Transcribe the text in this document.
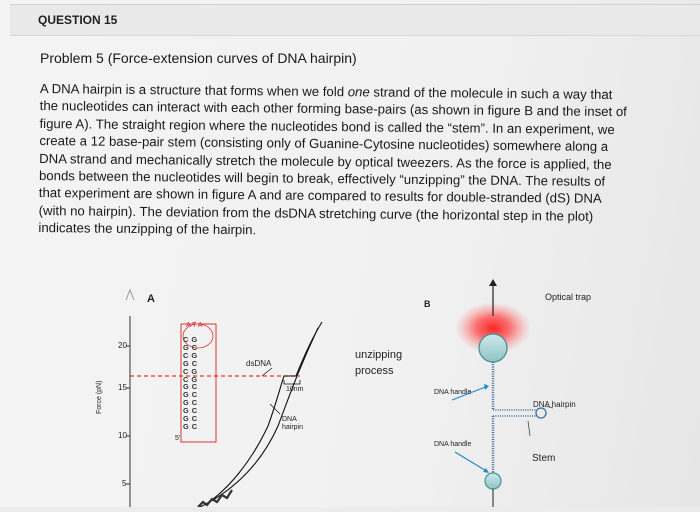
QUESTION 15
Problem 5 (Force-extension curves of DNA hairpin)

A DNA hairpin is a structure that forms when we fold one strand of the molecule in such a way that the nucleotides can interact with each other forming base-pairs (as shown in figure B and the inset of figure A). The straight region where the nucleotides bond is called the “stem”. In an experiment, we create a 12 base-pair stem (consisting only of Guanine-Cytosine nucleotides) somewhere along a DNA strand and mechanically stretch the molecule by optical tweezers. As the force is applied, the bonds between the nucleotides will begin to break, effectively “unzipping” the DNA. The results of that experiment are shown in figure A and are compared to results for double-stranded (dS) DNA (with no hairpin). The deviation from the dsDNA stretching curve (the horizontal step in the plot) indicates the unzipping of the hairpin.

A
20
15
10
5
Force (pN)
dsDNA
10nm
DNA
hairpin
unzipping
process
A T A
C G
G C
C G
G C
C G
C G
G C
G C
G C
G C
G C
G C
5'
B
Optical trap
DNA handle
DNA hairpin
DNA handle
Stem
